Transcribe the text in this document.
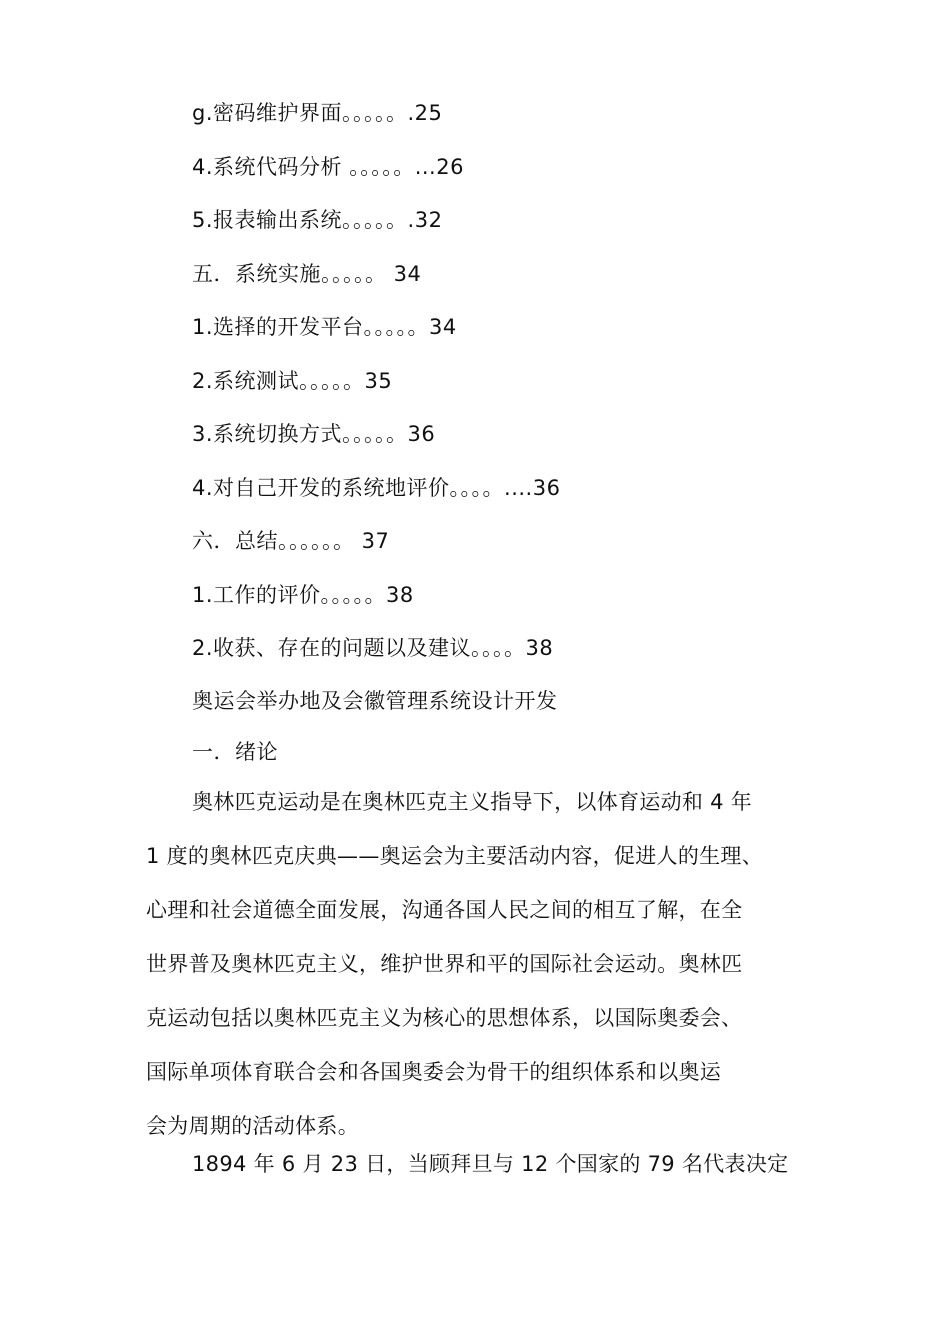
g.密码维护界面。。。。。.25
4.系统代码分析 。。。。。...26
5.报表输出系统。。。。。.32
五．系统实施。。。。。 34
1.选择的开发平台。。。。。34
2.系统测试。。。。。35
3.系统切换方式。。。。。36
4.对自己开发的系统地评价。。。。....36
六．总结。。。。。。 37
1.工作的评价。。。。。38
2.收获、存在的问题以及建议。。。。38
奥运会举办地及会徽管理系统设计开发
一．绪论
奥林匹克运动是在奥林匹克主义指导下，以体育运动和 4 年
1 度的奥林匹克庆典——奥运会为主要活动内容，促进人的生理、
心理和社会道德全面发展，沟通各国人民之间的相互了解，在全
世界普及奥林匹克主义，维护世界和平的国际社会运动。奥林匹
克运动包括以奥林匹克主义为核心的思想体系，以国际奥委会、
国际单项体育联合会和各国奥委会为骨干的组织体系和以奥运
会为周期的活动体系。
1894 年 6 月 23 日，当顾拜旦与 12 个国家的 79 名代表决定
